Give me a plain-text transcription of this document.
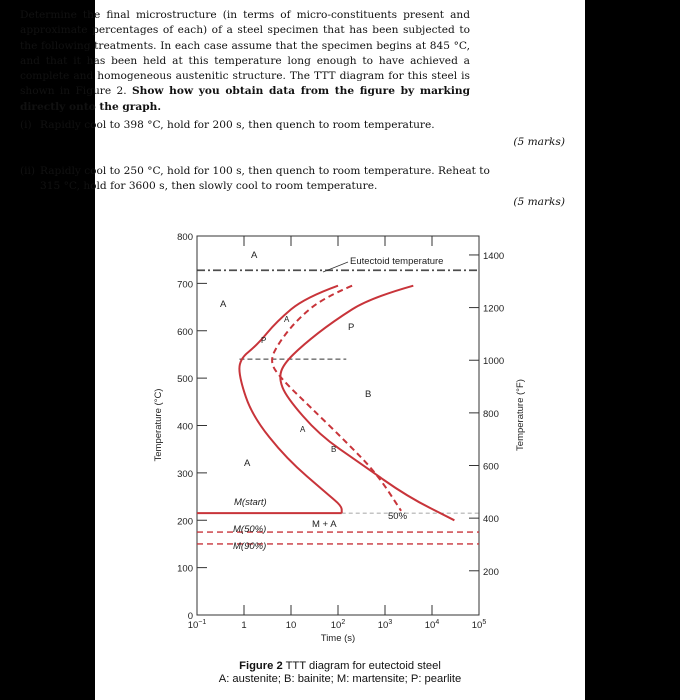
Determine the final microstructure (in terms of micro-constituents present and approximate percentages of each) of a steel specimen that has been subjected to the following treatments. In each case assume that the specimen begins at 845 °C, and that it has been held at this temperature long enough to have achieved a complete and homogeneous austenitic structure. The TTT diagram for this steel is shown in Figure 2. Show how you obtain data from the figure by marking directly onto the graph.
(i) Rapidly cool to 398 °C, hold for 200 s, then quench to room temperature.
(5 marks)
(ii) Rapidly cool to 250 °C, hold for 100 s, then quench to room temperature. Reheat to 315 °C, hold for 3600 s, then slowly cool to room temperature.
(5 marks)
800
700
600
500
400
300
200
100
0
1400
1200
1000
800
600
400
200
$10^{-1}$	1	10	$10^2$	$10^3$	$10^4$	$10^5$
Time (s)
Temperature (°C)	Temperature (°F)
Eutectoid temperature
A
A
A
A
A
P
P
B
B
M(start)
M(50%)
M(90%)
M + A
50%
Figure 2 TTT diagram for eutectoid steel
A: austenite; B: bainite; M: martensite; P: pearlite
